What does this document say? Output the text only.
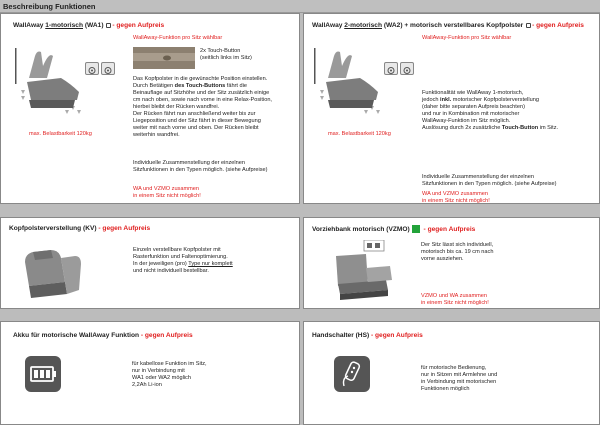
Beschreibung Funktionen
WallAway 1-motorisch (WA1) - gegen Aufpreis
WallAway-Funktion pro Sitz wählbar
2x Touch-Button
(seitlich links im Sitz)
max. Belastbarkeit 120kg
Das Kopfpolster in die gewünschte Position einstellen.
Durch Betätigen des Touch-Buttons fährt die
Beinauflage auf Sitzhöhe und der Sitz zusätzlich einige
cm nach oben, sowie nach vorne in eine Relax-Position,
hierbei bleibt der Rücken wandfrei.
Der Rücken fährt nun anschließend weiter bis zur
Liegeposition und der Sitz fährt in dieser Bewegung
weiter mit nach vorne und oben. Der Rücken bleibt
weiterhin wandfrei.
Individuelle Zusammenstellung der einzelnen
Sitzfunktionen in den Typen möglich. (siehe Aufpreise)
WA und VZMO zusammen
in einem Sitz nicht möglich!
WallAway 2-motorisch (WA2) + motorisch verstellbares Kopfpolster - gegen Aufpreis
WallAway-Funktion pro Sitz wählbar
max. Belastbarkeit 120kg
Funktionalität wie WallAway 1-motorisch,
jedoch inkl. motorischer Kopfpolsterverstellung
(daher bitte separaten Aufpreis beachten)
und nur in Kombination mit motorischer
WallAway-Funktion im Sitz möglich.
Auslösung durch 2x zusätzliche Touch-Button im Sitz.
Individuelle Zusammenstellung der einzelnen
Sitzfunktionen in den Typen möglich. (siehe Aufpreise)
WA und VZMO zusammen
in einem Sitz nicht möglich!
Kopfpolsterverstellung (KV) - gegen Aufpreis
Einzeln verstellbare Kopfpolster mit
Rasterfunktion und Faltenoptimierung.
In der jeweiligen (pro) Type nur komplett
und nicht individuell bestellbar.
Vorziehbank motorisch (VZMO) - gegen Aufpreis
Der Sitz lässt sich individuell,
motorisch bis ca. 19 cm nach
vorne ausziehen.
VZMO und WA zusammen
in einem Sitz nicht möglich!
Akku für motorische WallAway Funktion - gegen Aufpreis
für kabellose Funktion im Sitz,
nur in Verbindung mit
WA1 oder WA2 möglich
2,2Ah Li-ion
Handschalter (HS) - gegen Aufpreis
für motorische Bedienung,
nur in Sitzen mit Armlehne und
in Verbindung mit motorischen
Funktionen möglich
